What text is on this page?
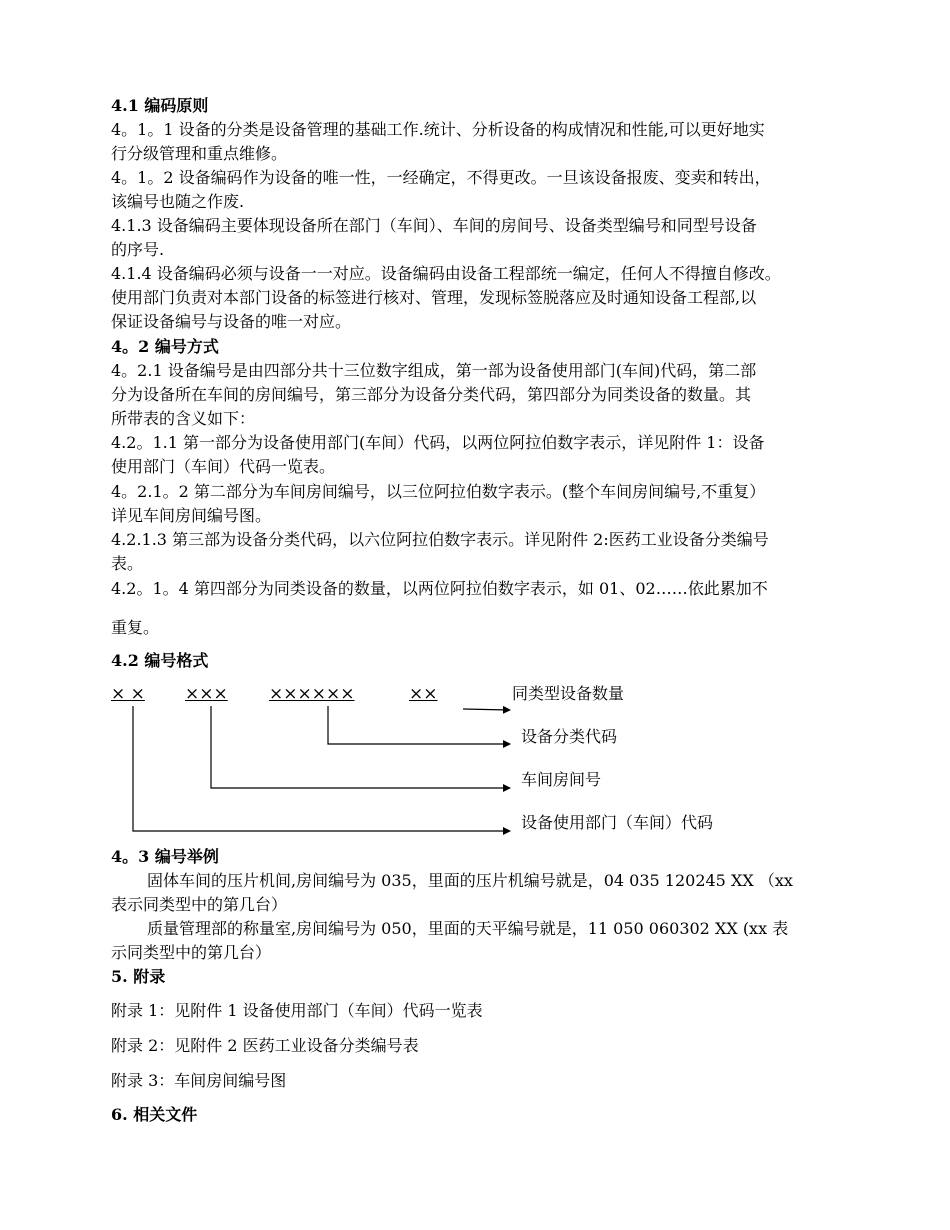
4.1 编码原则
4。1。1 设备的分类是设备管理的基础工作.统计、分析设备的构成情况和性能,可以更好地实
行分级管理和重点维修。
4。1。2 设备编码作为设备的唯一性，一经确定，不得更改。一旦该设备报废、变卖和转出，
该编号也随之作废.
4.1.3 设备编码主要体现设备所在部门（车间）、车间的房间号、设备类型编号和同型号设备
的序号.
4.1.4 设备编码必须与设备一一对应。设备编码由设备工程部统一编定，任何人不得擅自修改。
使用部门负责对本部门设备的标签进行核对、管理，发现标签脱落应及时通知设备工程部,以
保证设备编号与设备的唯一对应。
4。2 编号方式
4。2.1 设备编号是由四部分共十三位数字组成，第一部为设备使用部门(车间)代码，第二部
分为设备所在车间的房间编号，第三部分为设备分类代码，第四部分为同类设备的数量。其
所带表的含义如下：
4.2。1.1 第一部分为设备使用部门(车间）代码，以两位阿拉伯数字表示，详见附件 1：设备
使用部门（车间）代码一览表。
4。2.1。2 第二部分为车间房间编号，以三位阿拉伯数字表示。(整个车间房间编号,不重复）
详见车间房间编号图。
4.2.1.3 第三部为设备分类代码，以六位阿拉伯数字表示。详见附件 2:医药工业设备分类编号
表。
4.2。1。4 第四部分为同类设备的数量，以两位阿拉伯数字表示，如 01、02……依此累加不
重复。
4.2 编号格式
× × ××× ××××××	××	同类型设备数量
设备分类代码
车间房间号
设备使用部门（车间）代码
4。3 编号举例
固体车间的压片机间,房间编号为 035，里面的压片机编号就是，04 035 120245 XX （xx
表示同类型中的第几台）
质量管理部的称量室,房间编号为 050，里面的天平编号就是，11 050 060302 XX (xx 表
示同类型中的第几台）
5. 附录
附录 1：见附件 1 设备使用部门（车间）代码一览表
附录 2：见附件 2 医药工业设备分类编号表
附录 3：车间房间编号图
6. 相关文件
